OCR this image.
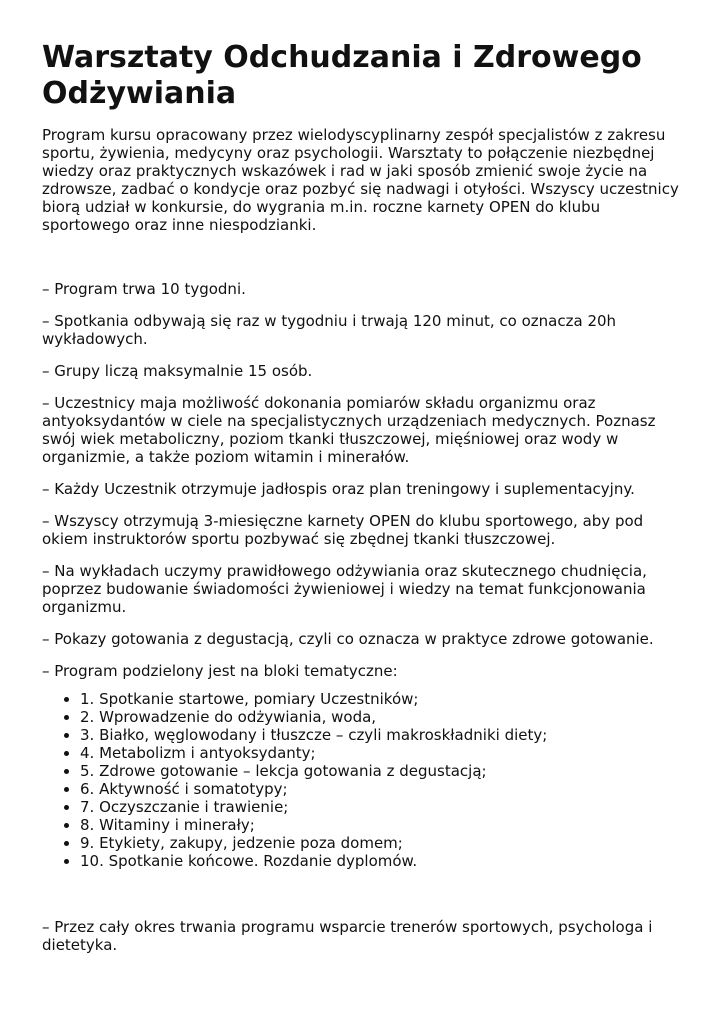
Warsztaty Odchudzania i Zdrowego Odżywiania

Program kursu opracowany przez wielodyscyplinarny zespół specjalistów z zakresu sportu, żywienia, medycyny oraz psychologii. Warsztaty to połączenie niezbędnej wiedzy oraz praktycznych wskazówek i rad w jaki sposób zmienić swoje życie na zdrowsze, zadbać o kondycje oraz pozbyć się nadwagi i otyłości. Wszyscy uczestnicy biorą udział w konkursie, do wygrania m.in. roczne karnety OPEN do klubu sportowego oraz inne niespodzianki.

– Program trwa 10 tygodni.

– Spotkania odbywają się raz w tygodniu i trwają 120 minut, co oznacza 20h wykładowych.

– Grupy liczą maksymalnie 15 osób.

– Uczestnicy maja możliwość dokonania pomiarów składu organizmu oraz antyoksydantów w ciele na specjalistycznych urządzeniach medycznych. Poznasz swój wiek metaboliczny, poziom tkanki tłuszczowej, mięśniowej oraz wody w organizmie, a także poziom witamin i minerałów.

– Każdy Uczestnik otrzymuje jadłospis oraz plan treningowy i suplementacyjny.

– Wszyscy otrzymują 3-miesięczne karnety OPEN do klubu sportowego, aby pod okiem instruktorów sportu pozbywać się zbędnej tkanki tłuszczowej.

– Na wykładach uczymy prawidłowego odżywiania oraz skutecznego chudnięcia, poprzez budowanie świadomości żywieniowej i wiedzy na temat funkcjonowania organizmu.

– Pokazy gotowania z degustacją, czyli co oznacza w praktyce zdrowe gotowanie.

– Program podzielony jest na bloki tematyczne:

• 1. Spotkanie startowe, pomiary Uczestników;
• 2. Wprowadzenie do odżywiania, woda,
• 3. Białko, węglowodany i tłuszcze – czyli makroskładniki diety;
• 4. Metabolizm i antyoksydanty;
• 5. Zdrowe gotowanie – lekcja gotowania z degustacją;
• 6. Aktywność i somatotypy;
• 7. Oczyszczanie i trawienie;
• 8. Witaminy i minerały;
• 9. Etykiety, zakupy, jedzenie poza domem;
• 10. Spotkanie końcowe. Rozdanie dyplomów.

– Przez cały okres trwania programu wsparcie trenerów sportowych, psychologa i dietetyka.
